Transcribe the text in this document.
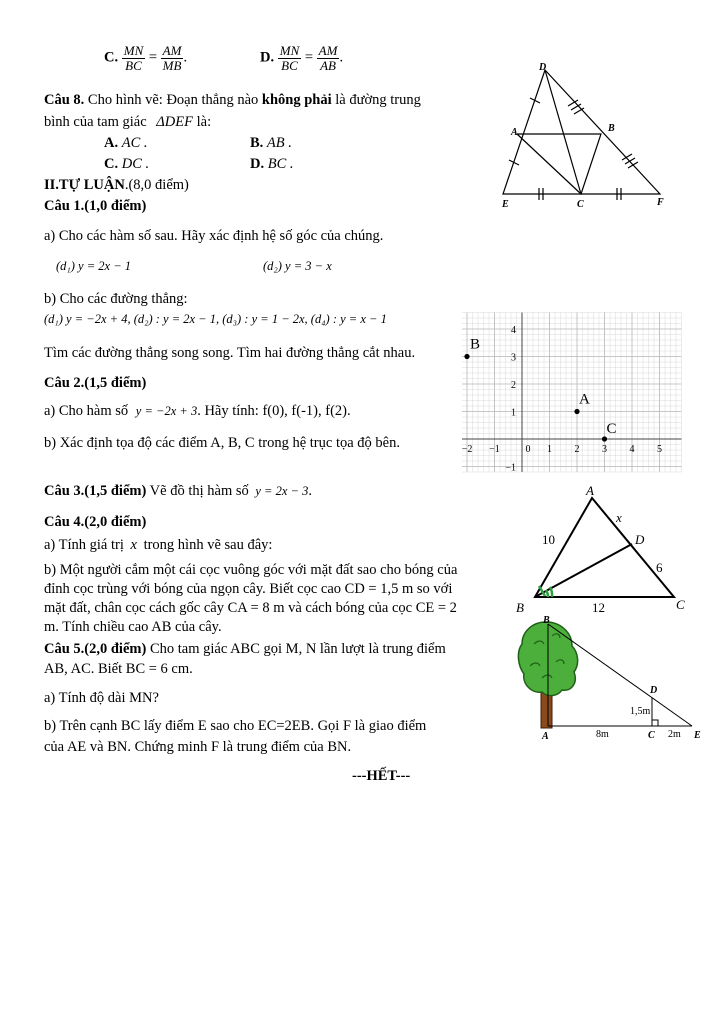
C. $\frac{MN}{BC} = \frac{AM}{MB}$ .	D. $\frac{MN}{BC} = \frac{AM}{AB}$ .
Câu 8. Cho hình vẽ: Đoạn thẳng nào không phải là đường trung
bình của tam giác ΔDEF là:
A. AC .	B. AB .
C. DC .	D. BC .
D
A	B
E	C	F
II.TỰ LUẬN.(8,0 điểm)
Câu 1.(1,0 điểm)
a) Cho các hàm số sau. Hãy xác định hệ số góc của chúng.
(d₁) y = 2x − 1	(d₂) y = 3 − x
b) Cho các đường thẳng:
(d₁) y = −2x + 4, (d₂) : y = 2x − 1, (d₃) : y = 1 − 2x, (d₄) : y = x − 1
Tìm các đường thẳng song song. Tìm hai đường thẳng cắt nhau.
Câu 2.(1,5 điểm)
a) Cho hàm số y = −2x + 3. Hãy tính: f(0), f(-1), f(2).
b) Xác định tọa độ các điểm A, B, C trong hệ trục tọa độ bên.	−2 −1	0 1 2 3 4 5
4
3
2
1
−1
B
A
C
Câu 3.(1,5 điểm) Vẽ đồ thị hàm số y = 2x − 3.
Câu 4.(2,0 điểm)
a) Tính giá trị x trong hình vẽ sau đây:
b) Một người cắm một cái cọc vuông góc với mặt đất sao cho bóng của
đỉnh cọc trùng với bóng của ngọn cây. Biết cọc cao CD = 1,5 m so với
mặt đất, chân cọc cách gốc cây CA = 8 m và cách bóng của cọc CE = 2
m. Tính chiều cao AB của cây.
A
B	C
D
x
10
6
12
B
D
A	C	E
1,5m
8m	2m
Câu 5.(2,0 điểm) Cho tam giác ABC gọi M, N lần lượt là trung điểm
AB, AC. Biết BC = 6 cm.
a) Tính độ dài MN?
b) Trên cạnh BC lấy điểm E sao cho EC=2EB. Gọi F là giao điểm
của AE và BN. Chứng minh F là trung điểm của BN.
---HẾT---
